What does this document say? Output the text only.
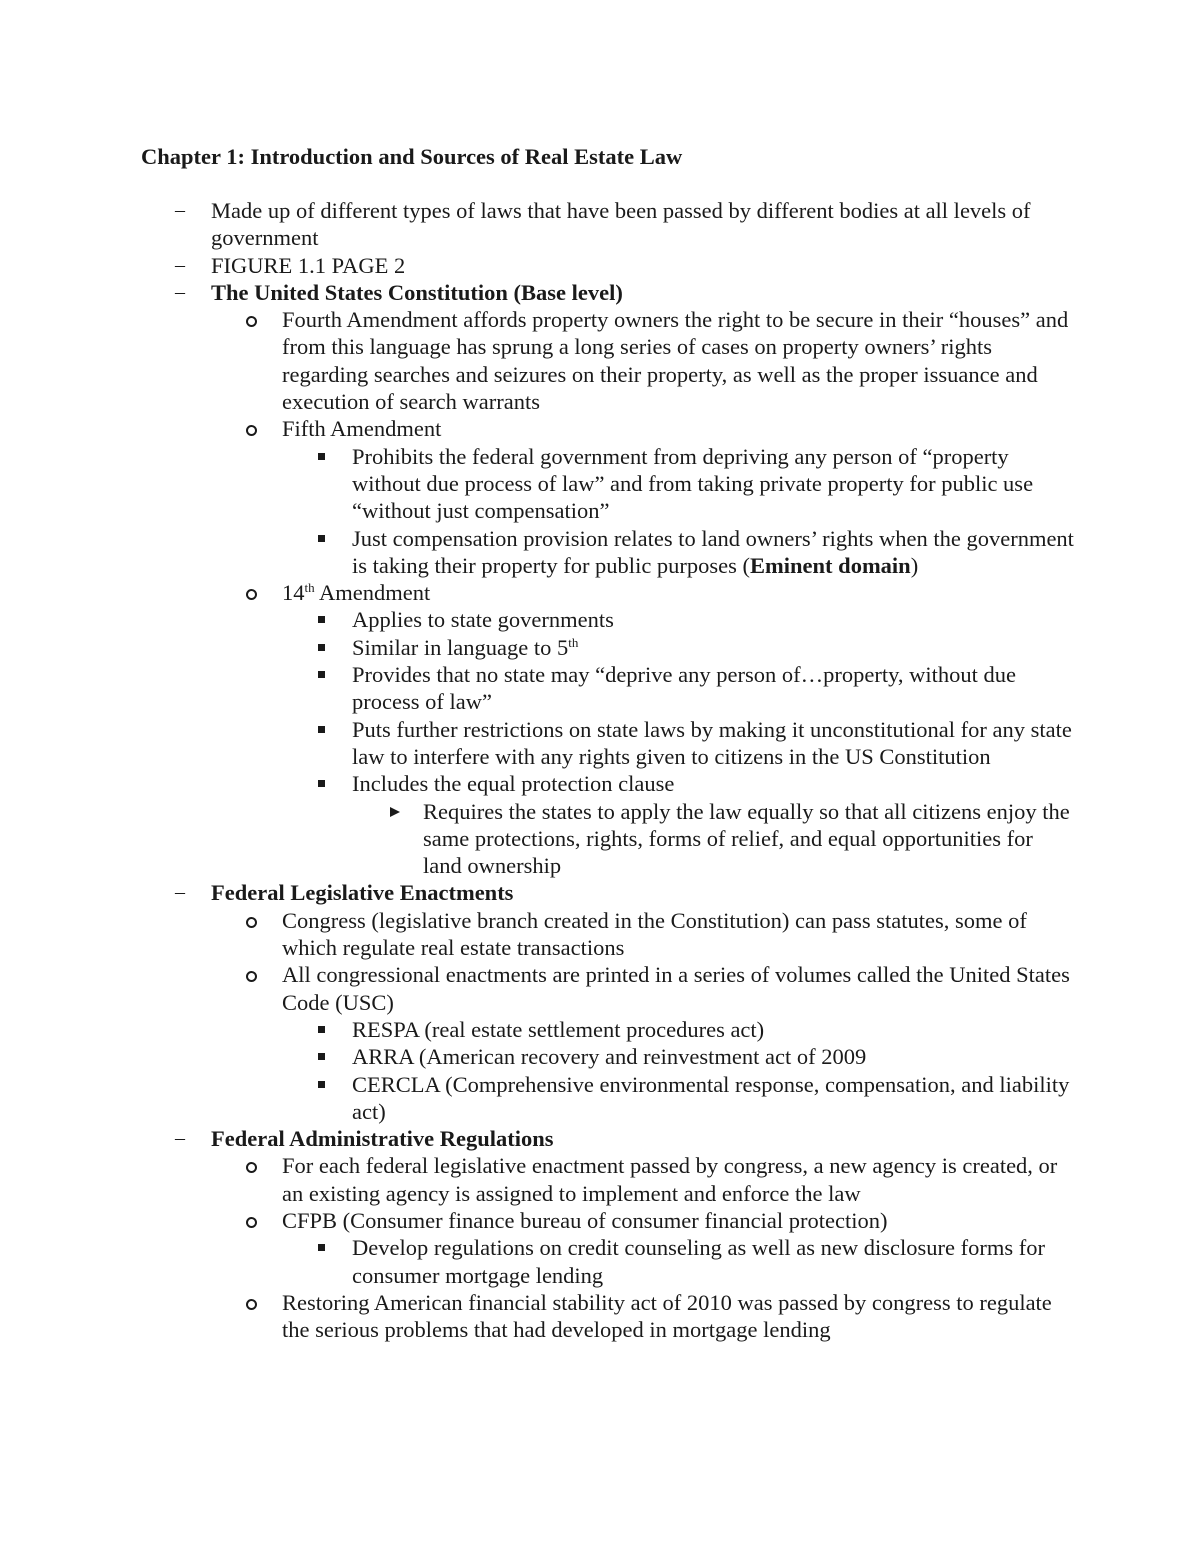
Chapter 1: Introduction and Sources of Real Estate Law
–	Made up of different types of laws that have been passed by different bodies at all levels of government
–	FIGURE 1.1 PAGE 2
–	The United States Constitution (Base level)
Fourth Amendment affords property owners the right to be secure in their “houses” and from this language has sprung a long series of cases on property owners’ rights regarding searches and seizures on their property, as well as the proper issuance and execution of search warrants
Fifth Amendment
Prohibits the federal government from depriving any person of “property without due process of law” and from taking private property for public use “without just compensation”
Just compensation provision relates to land owners’ rights when the government is taking their property for public purposes (Eminent domain)
14th Amendment
Applies to state governments
Similar in language to 5th
Provides that no state may “deprive any person of…property, without due process of law”
Puts further restrictions on state laws by making it unconstitutional for any state law to interfere with any rights given to citizens in the US Constitution
Includes the equal protection clause
Requires the states to apply the law equally so that all citizens enjoy the same protections, rights, forms of relief, and equal opportunities for land ownership
–	Federal Legislative Enactments
Congress (legislative branch created in the Constitution) can pass statutes, some of which regulate real estate transactions
All congressional enactments are printed in a series of volumes called the United States Code (USC)
RESPA (real estate settlement procedures act)
ARRA (American recovery and reinvestment act of 2009
CERCLA (Comprehensive environmental response, compensation, and liability act)
–	Federal Administrative Regulations
For each federal legislative enactment passed by congress, a new agency is created, or an existing agency is assigned to implement and enforce the law
CFPB (Consumer finance bureau of consumer financial protection)
Develop regulations on credit counseling as well as new disclosure forms for consumer mortgage lending
Restoring American financial stability act of 2010 was passed by congress to regulate the serious problems that had developed in mortgage lending
